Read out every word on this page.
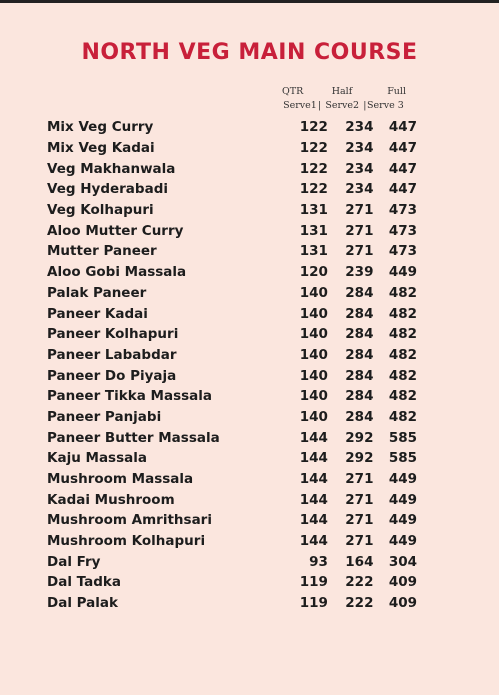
NORTH VEG MAIN COURSE
QTR	Half	Full
Serve1 | Serve2 | Serve 3
Mix Veg Curry	122	234	447
Mix Veg Kadai	122	234	447
Veg Makhanwala	122	234	447
Veg Hyderabadi	122	234	447
Veg Kolhapuri	131	271	473
Aloo Mutter Curry	131	271	473
Mutter Paneer	131	271	473
Aloo Gobi Massala	120	239	449
Palak Paneer	140	284	482
Paneer Kadai	140	284	482
Paneer Kolhapuri	140	284	482
Paneer Lababdar	140	284	482
Paneer Do Piyaja	140	284	482
Paneer Tikka Massala	140	284	482
Paneer Panjabi	140	284	482
Paneer Butter Massala	144	292	585
Kaju Massala	144	292	585
Mushroom Massala	144	271	449
Kadai Mushroom	144	271	449
Mushroom Amrithsari	144	271	449
Mushroom Kolhapuri	144	271	449
Dal Fry	93	164	304
Dal Tadka	119	222	409
Dal Palak	119	222	409
